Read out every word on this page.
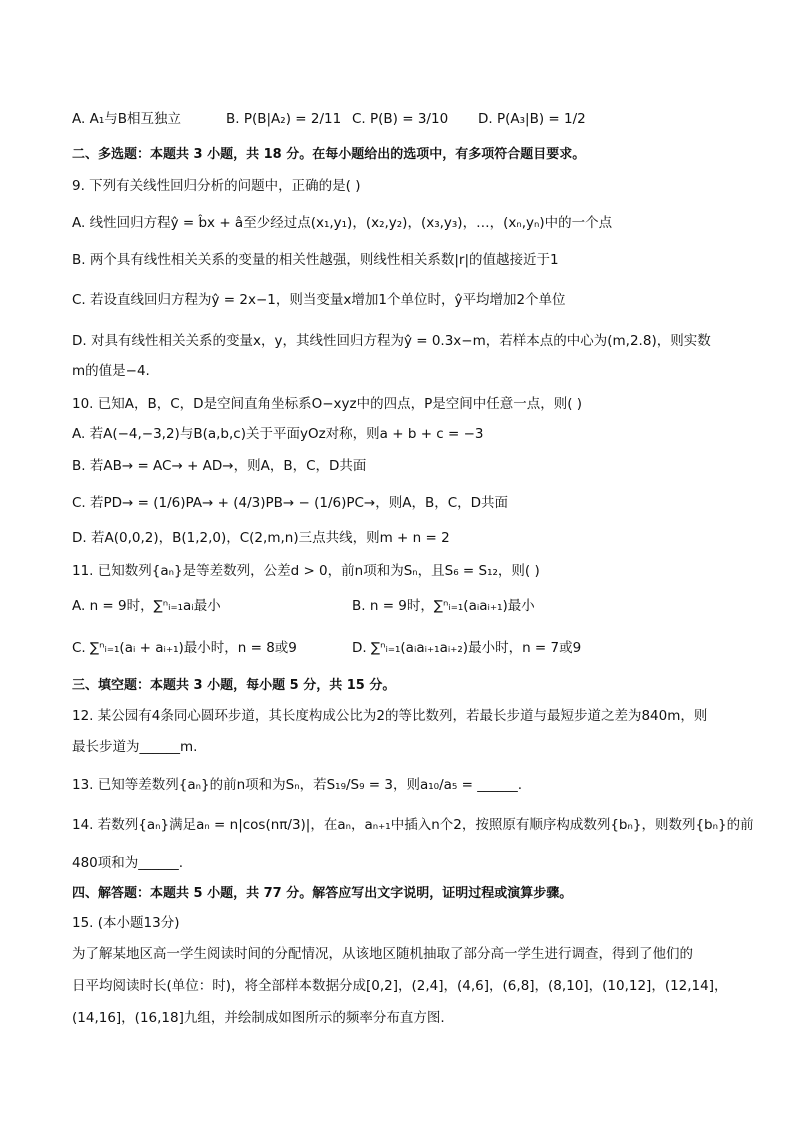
A. A₁与B相互独立	B. P(B|A₂) = 2/11 C. P(B) = 3/10 D. P(A₃|B) = 1/2
二、多选题：本题共 3 小题，共 18 分。在每小题给出的选项中，有多项符合题目要求。
9. 下列有关线性回归分析的问题中，正确的是( )
A. 线性回归方程ŷ = b̂x + â至少经过点(x₁,y₁)，(x₂,y₂)，(x₃,y₃)，…，(xₙ,yₙ)中的一个点
B. 两个具有线性相关关系的变量的相关性越强，则线性相关系数|r|的值越接近于1
C. 若设直线回归方程为ŷ = 2x−1，则当变量x增加1个单位时，ŷ平均增加2个单位
D. 对具有线性相关关系的变量x，y，其线性回归方程为ŷ = 0.3x−m，若样本点的中心为(m,2.8)，则实数
m的值是−4.
10. 已知A，B，C，D是空间直角坐标系O−xyz中的四点，P是空间中任意一点，则( )
A. 若A(−4,−3,2)与B(a,b,c)关于平面yOz对称，则a + b + c = −3
B. 若AB→ = AC→ + AD→，则A，B，C，D共面
C. 若PD→ = (1/6)PA→ + (4/3)PB→ − (1/6)PC→，则A，B，C，D共面
D. 若A(0,0,2)，B(1,2,0)，C(2,m,n)三点共线，则m + n = 2
11. 已知数列{aₙ}是等差数列，公差d > 0，前n项和为Sₙ，且S₆ = S₁₂，则( )
A. n = 9时，∑ⁿᵢ₌₁aᵢ最小	B. n = 9时，∑ⁿᵢ₌₁(aᵢaᵢ₊₁)最小
C. ∑ⁿᵢ₌₁(aᵢ + aᵢ₊₁)最小时，n = 8或9	D. ∑ⁿᵢ₌₁(aᵢaᵢ₊₁aᵢ₊₂)最小时，n = 7或9
三、填空题：本题共 3 小题，每小题 5 分，共 15 分。
12. 某公园有4条同心圆环步道，其长度构成公比为2的等比数列，若最长步道与最短步道之差为840m，则
最长步道为______m.
13. 已知等差数列{aₙ}的前n项和为Sₙ，若S₁₉/S₉ = 3，则a₁₀/a₅ = ______.
14. 若数列{aₙ}满足aₙ = n|cos(nπ/3)|，在aₙ，aₙ₊₁中插入n个2，按照原有顺序构成数列{bₙ}，则数列{bₙ}的前
480项和为______.
四、解答题：本题共 5 小题，共 77 分。解答应写出文字说明，证明过程或演算步骤。
15. (本小题13分)
为了解某地区高一学生阅读时间的分配情况，从该地区随机抽取了部分高一学生进行调查，得到了他们的
日平均阅读时长(单位：时)，将全部样本数据分成[0,2]，(2,4]，(4,6]，(6,8]，(8,10]，(10,12]，(12,14]，
(14,16]，(16,18]九组，并绘制成如图所示的频率分布直方图.
